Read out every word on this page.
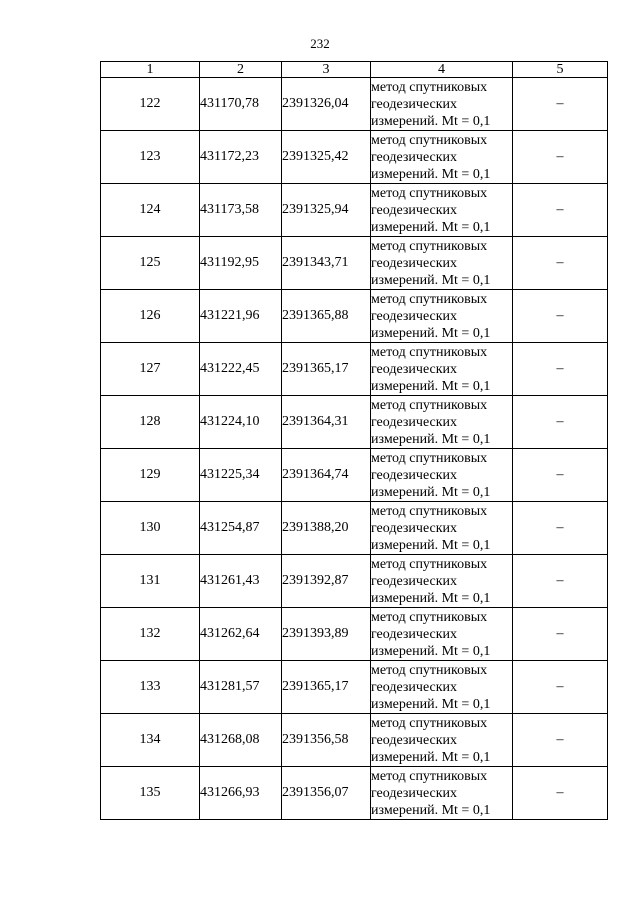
232
1	2	3	4	5
122	431170,78	2391326,04	метод спутниковых
геодезических
измерений. Mt = 0,1	–
123	431172,23	2391325,42	метод спутниковых
геодезических
измерений. Mt = 0,1	–
124	431173,58	2391325,94	метод спутниковых
геодезических
измерений. Mt = 0,1	–
125	431192,95	2391343,71	метод спутниковых
геодезических
измерений. Mt = 0,1	–
126	431221,96	2391365,88	метод спутниковых
геодезических
измерений. Mt = 0,1	–
127	431222,45	2391365,17	метод спутниковых
геодезических
измерений. Mt = 0,1	–
128	431224,10	2391364,31	метод спутниковых
геодезических
измерений. Mt = 0,1	–
129	431225,34	2391364,74	метод спутниковых
геодезических
измерений. Mt = 0,1	–
130	431254,87	2391388,20	метод спутниковых
геодезических
измерений. Mt = 0,1	–
131	431261,43	2391392,87	метод спутниковых
геодезических
измерений. Mt = 0,1	–
132	431262,64	2391393,89	метод спутниковых
геодезических
измерений. Mt = 0,1	–
133	431281,57	2391365,17	метод спутниковых
геодезических
измерений. Mt = 0,1	–
134	431268,08	2391356,58	метод спутниковых
геодезических
измерений. Mt = 0,1	–
135	431266,93	2391356,07	метод спутниковых
геодезических
измерений. Mt = 0,1	–
